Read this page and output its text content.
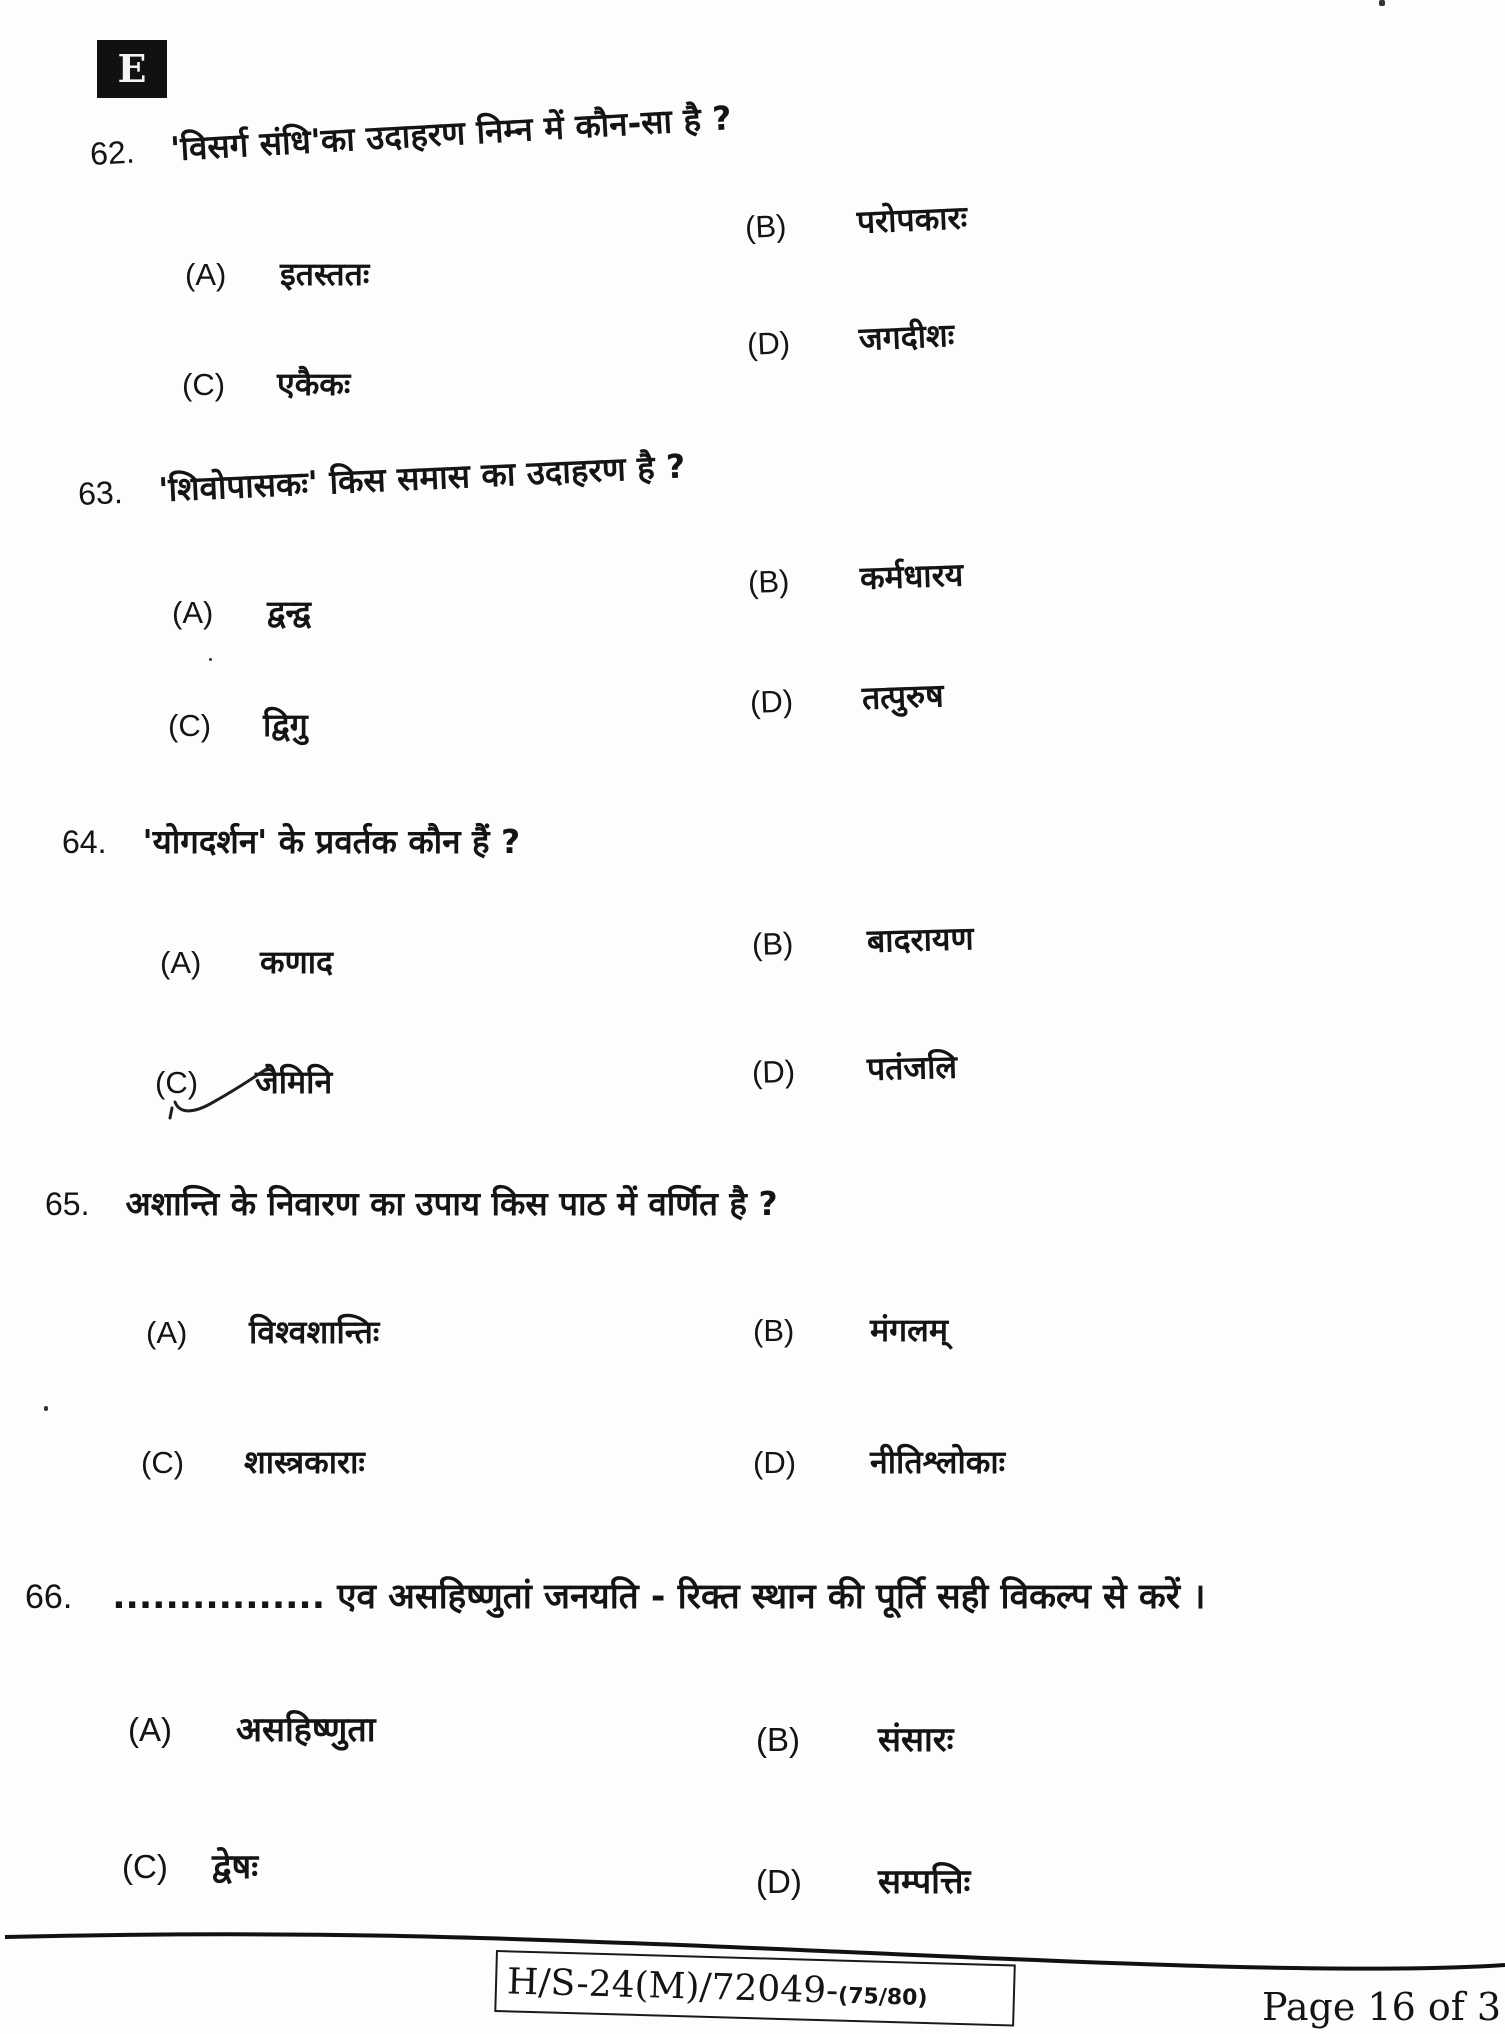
E
62. 'विसर्ग संधि'का उदाहरण निम्न में कौन-सा है ?
(A) इतस्ततः
(B) परोपकारः
(C) एकैकः
(D) जगदीशः
63. 'शिवोपासकः' किस समास का उदाहरण है ?
(A) द्वन्द्व
(B) कर्मधारय
(C) द्विगु
(D) तत्पुरुष
64. 'योगदर्शन' के प्रवर्तक कौन हैं ?
(A) कणाद	(B) बादरायण
(C) जैमिनि	(D) पतंजलि
65. अशान्ति के निवारण का उपाय किस पाठ में वर्णित है ?
(A) विश्वशान्तिः	(B) मंगलम्
(C) शास्त्रकाराः	(D) नीतिश्लोकाः
66. ................ एव असहिष्णुतां जनयति - रिक्त स्थान की पूर्ति सही विकल्प से करें ।
(A) असहिष्णुता	(B) संसारः
(C) द्वेषः	(D) सम्पत्तिः
H/S-24(M)/72049-(75/80)	Page 16 of 3
